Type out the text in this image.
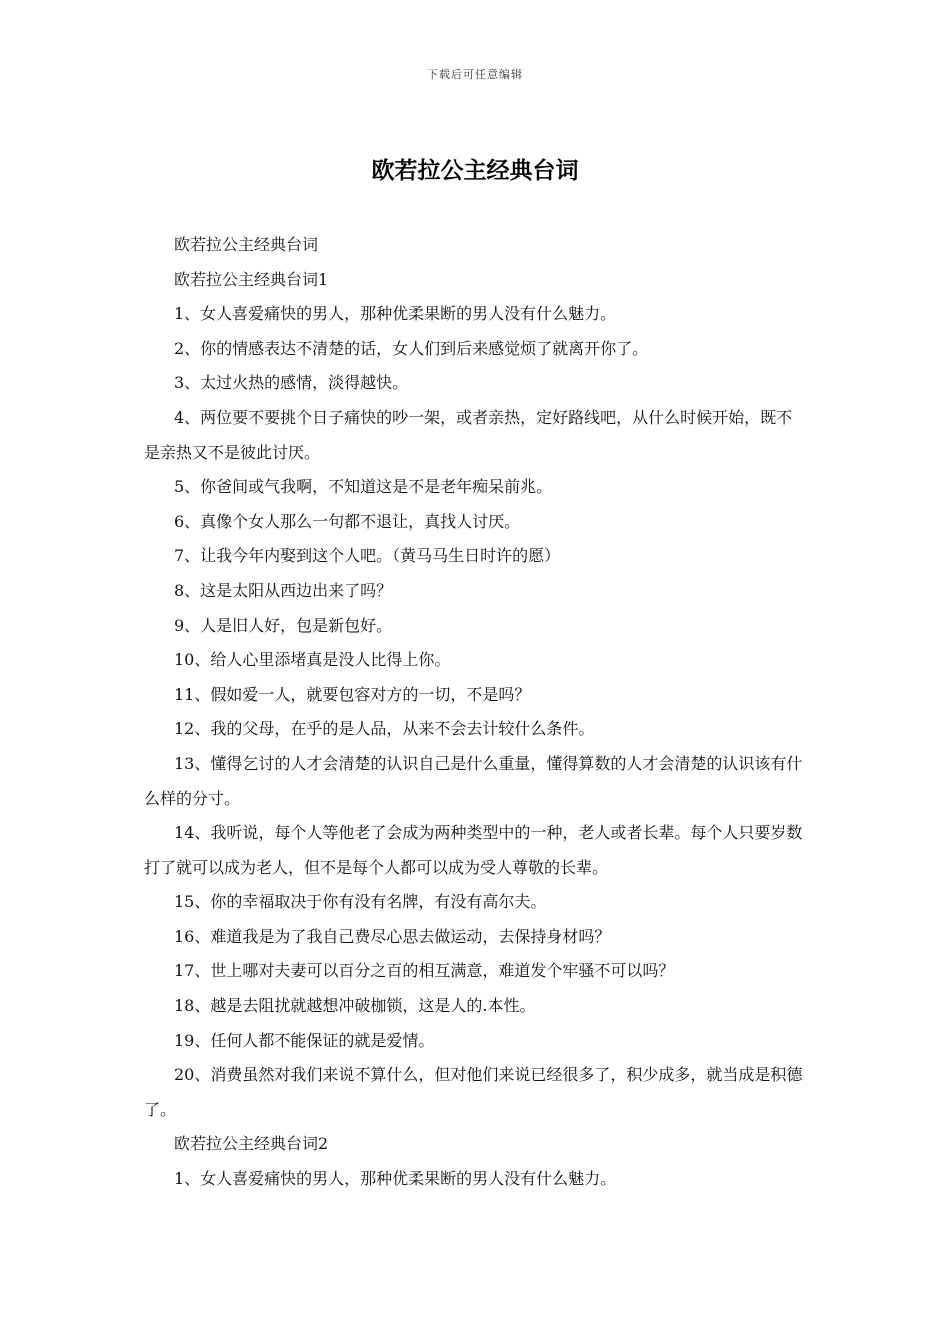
下载后可任意编辑
欧若拉公主经典台词

欧若拉公主经典台词

欧若拉公主经典台词1

1、女人喜爱痛快的男人，那种优柔果断的男人没有什么魅力。

2、你的情感表达不清楚的话，女人们到后来感觉烦了就离开你了。

3、太过火热的感情，淡得越快。

4、两位要不要挑个日子痛快的吵一架，或者亲热，定好路线吧，从什么时候开始，既不是亲热又不是彼此讨厌。

5、你爸间或气我啊，不知道这是不是老年痴呆前兆。

6、真像个女人那么一句都不退让，真找人讨厌。

7、让我今年内娶到这个人吧。（黄马马生日时许的愿）

8、这是太阳从西边出来了吗？

9、人是旧人好，包是新包好。

10、给人心里添堵真是没人比得上你。

11、假如爱一人，就要包容对方的一切，不是吗？

12、我的父母，在乎的是人品，从来不会去计较什么条件。

13、懂得乞讨的人才会清楚的认识自己是什么重量，懂得算数的人才会清楚的认识该有什么样的分寸。

14、我听说，每个人等他老了会成为两种类型中的一种，老人或者长辈。每个人只要岁数打了就可以成为老人，但不是每个人都可以成为受人尊敬的长辈。

15、你的幸福取决于你有没有名牌，有没有高尔夫。

16、难道我是为了我自己费尽心思去做运动，去保持身材吗？

17、世上哪对夫妻可以百分之百的相互满意，难道发个牢骚不可以吗？

18、越是去阻扰就越想冲破枷锁，这是人的.本性。

19、任何人都不能保证的就是爱情。

20、消费虽然对我们来说不算什么，但对他们来说已经很多了，积少成多，就当成是积德了。

欧若拉公主经典台词2

1、女人喜爱痛快的男人，那种优柔果断的男人没有什么魅力。
